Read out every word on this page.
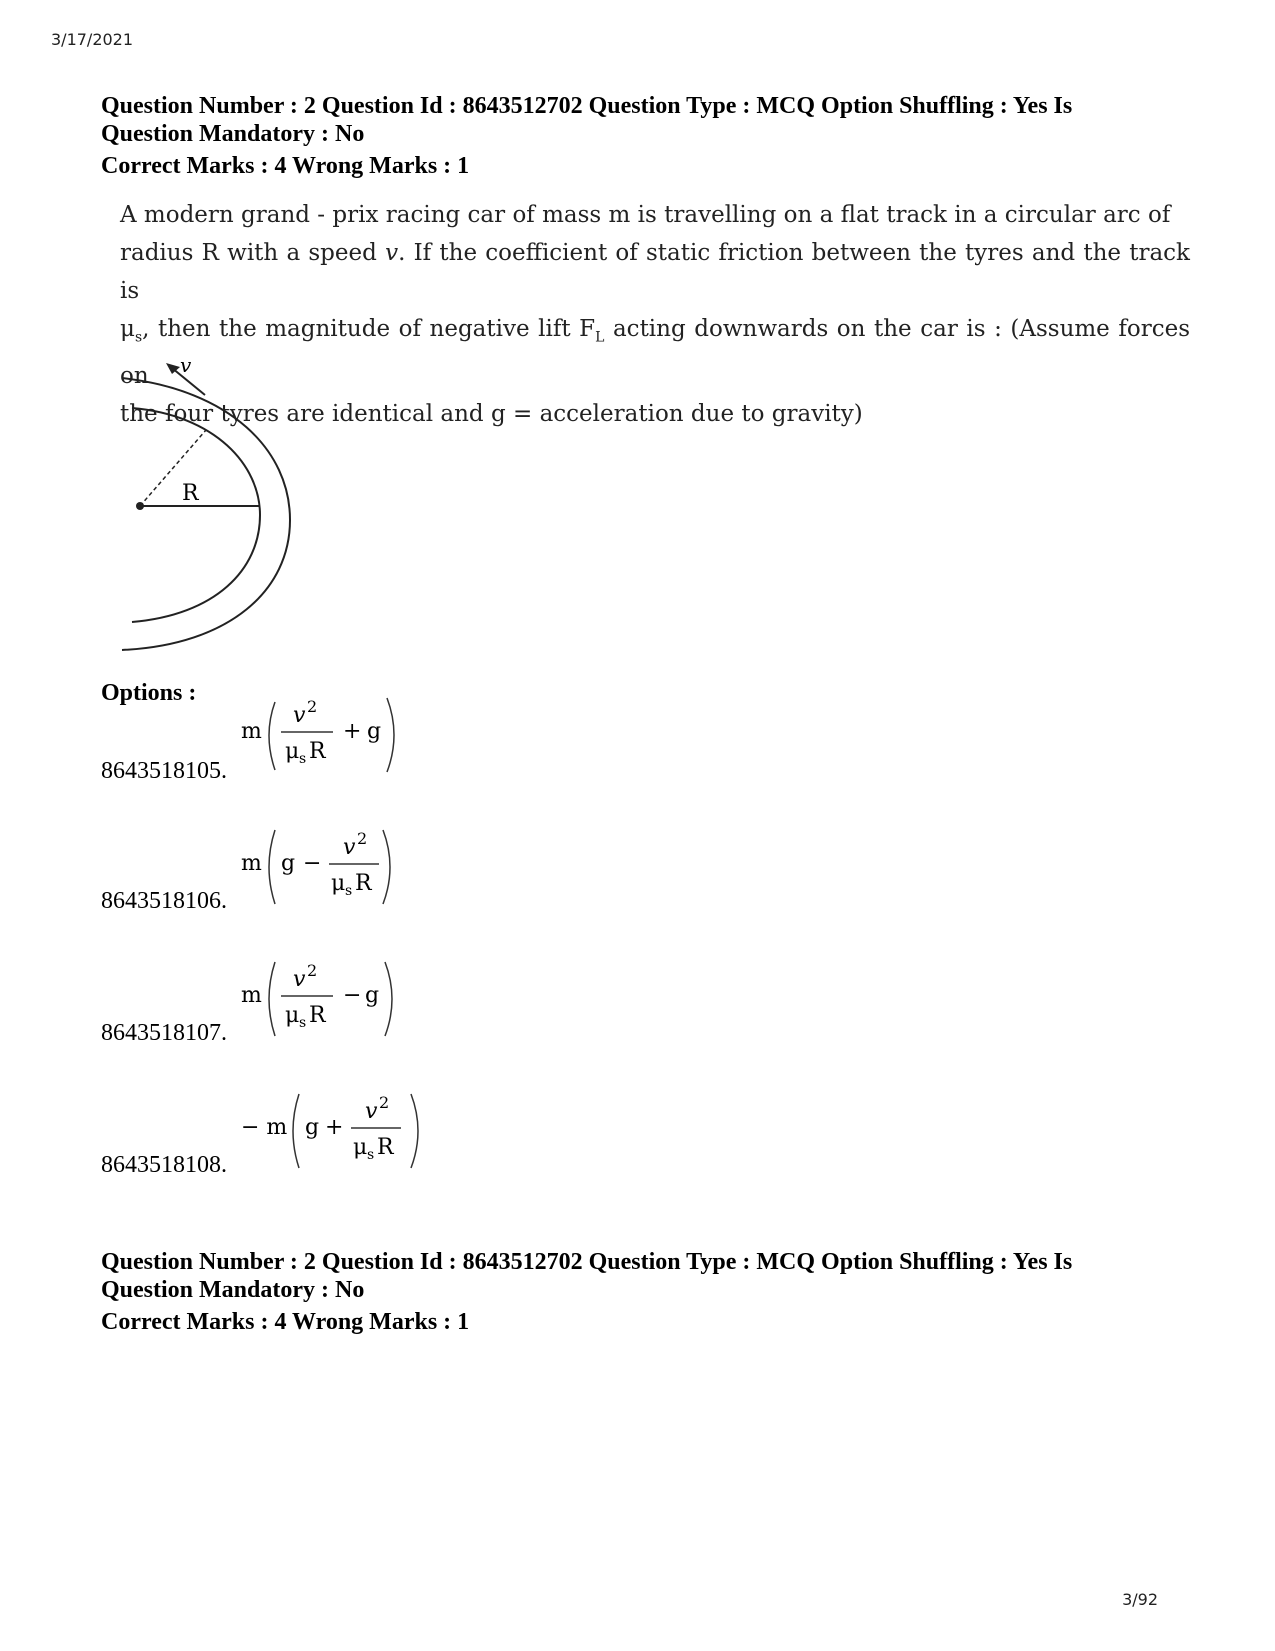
3/17/2021
Question Number : 2 Question Id : 8643512702 Question Type : MCQ Option Shuffling : Yes Is
Question Mandatory : No
Correct Marks : 4 Wrong Marks : 1

A modern grand - prix racing car of mass m is travelling on a flat track in a circular arc of

radius R with a speed v. If the coefficient of static friction between the tyres and the track is

$\mu_s$, then the magnitude of negative lift $F_L$ acting downwards on the car is : (Assume forces on

the four tyres are identical and g = acceleration due to gravity)

v
R
Options :
m
v 2
μ s R
+ g
8643518105.
m g −
v 2
μ s R
8643518106.
m
v 2
μ s R
− g
8643518107.
− m g +
v 2
μ s R
8643518108.
Question Number : 2 Question Id : 8643512702 Question Type : MCQ Option Shuffling : Yes Is
Question Mandatory : No
Correct Marks : 4 Wrong Marks : 1
3/92
